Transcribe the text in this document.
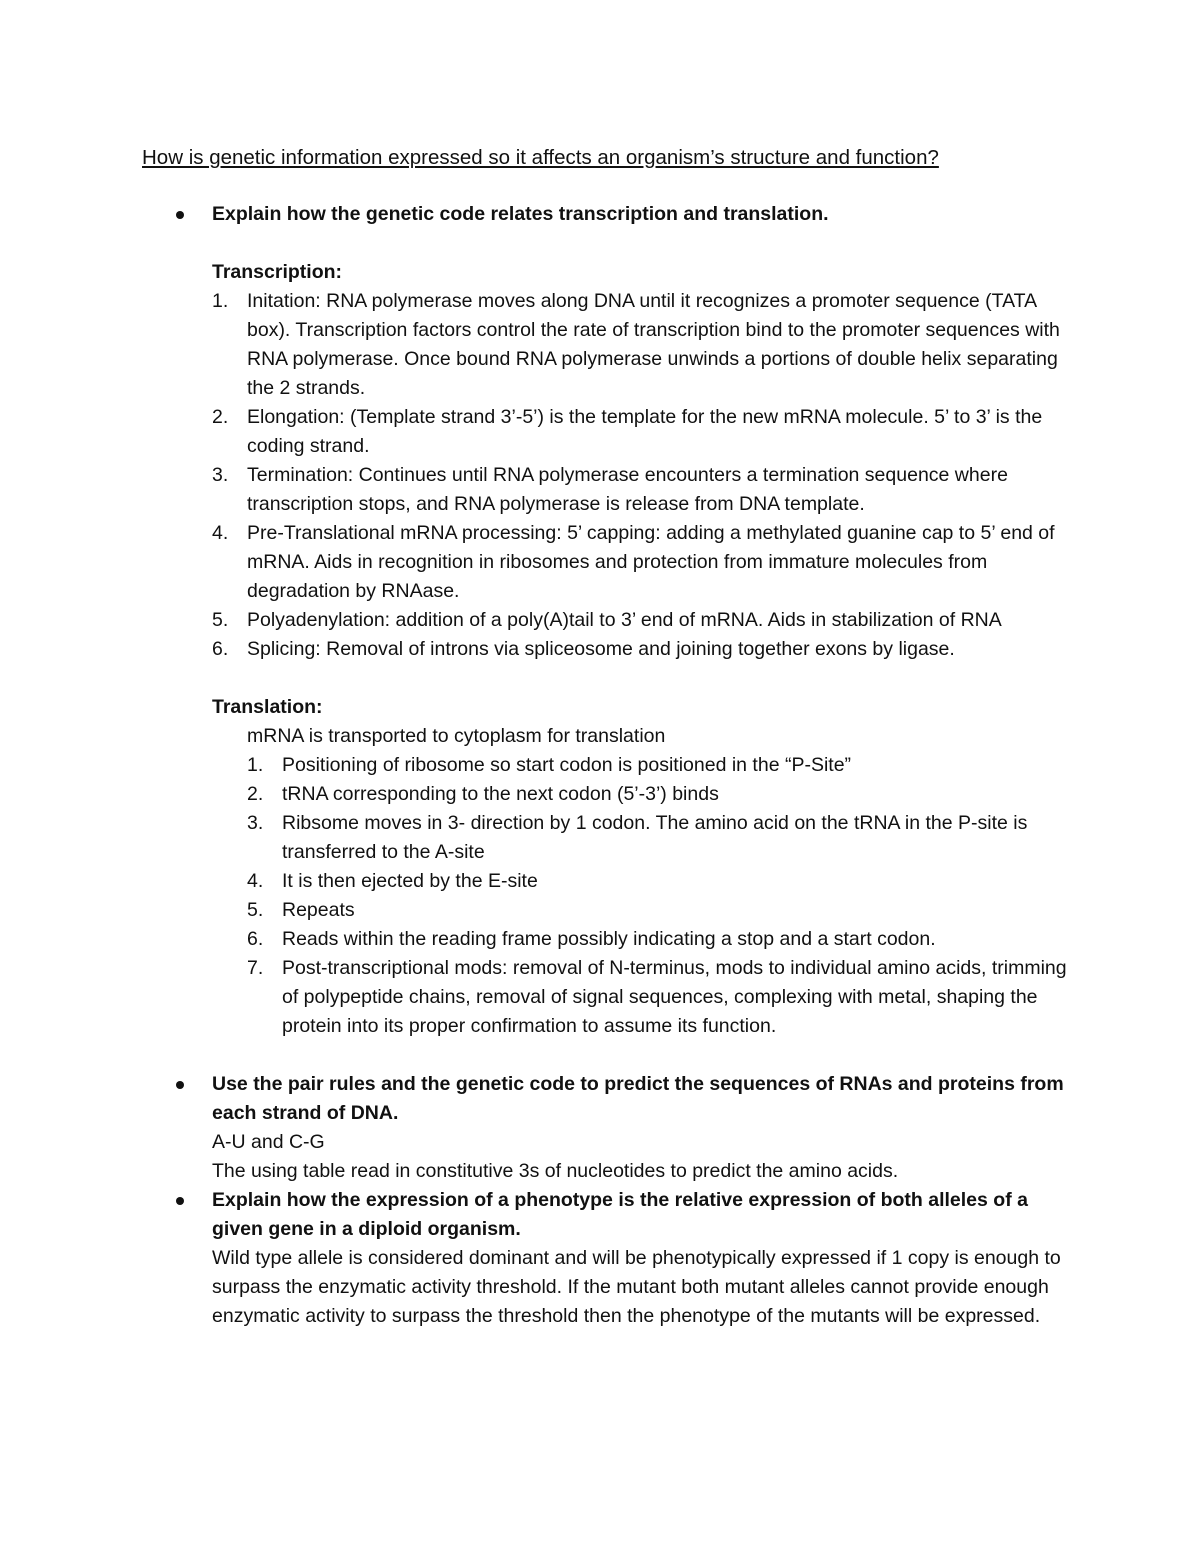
How is genetic information expressed so it affects an organism’s structure and function?

Explain how the genetic code relates transcription and translation.

Transcription:

1. Initation: RNA polymerase moves along DNA until it recognizes a promoter sequence (TATA box). Transcription factors control the rate of transcription bind to the promoter sequences with RNA polymerase. Once bound RNA polymerase unwinds a portions of double helix separating the 2 strands.
2. Elongation: (Template strand 3’-5’) is the template for the new mRNA molecule. 5’ to 3’ is the coding strand.
3. Termination: Continues until RNA polymerase encounters a termination sequence where transcription stops, and RNA polymerase is release from DNA template.
4. Pre-Translational mRNA processing: 5’ capping: adding a methylated guanine cap to 5’ end of mRNA. Aids in recognition in ribosomes and protection from immature molecules from degradation by RNAase.
5. Polyadenylation: addition of a poly(A)tail to 3’ end of mRNA. Aids in stabilization of RNA
6. Splicing: Removal of introns via spliceosome and joining together exons by ligase.

Translation:

mRNA is transported to cytoplasm for translation

1. Positioning of ribosome so start codon is positioned in the “P-Site”
2. tRNA corresponding to the next codon (5’-3’) binds
3. Ribsome moves in 3- direction by 1 codon. The amino acid on the tRNA in the P-site is transferred to the A-site
4. It is then ejected by the E-site
5. Repeats
6. Reads within the reading frame possibly indicating a stop and a start codon.
7. Post-transcriptional mods: removal of N-terminus, mods to individual amino acids, trimming of polypeptide chains, removal of signal sequences, complexing with metal, shaping the protein into its proper confirmation to assume its function.

Use the pair rules and the genetic code to predict the sequences of RNAs and proteins from each strand of DNA.

A-U and C-G

The using table read in constitutive 3s of nucleotides to predict the amino acids.

Explain how the expression of a phenotype is the relative expression of both alleles of a given gene in a diploid organism.

Wild type allele is considered dominant and will be phenotypically expressed if 1 copy is enough to surpass the enzymatic activity threshold. If the mutant both mutant alleles cannot provide enough enzymatic activity to surpass the threshold then the phenotype of the mutants will be expressed.
